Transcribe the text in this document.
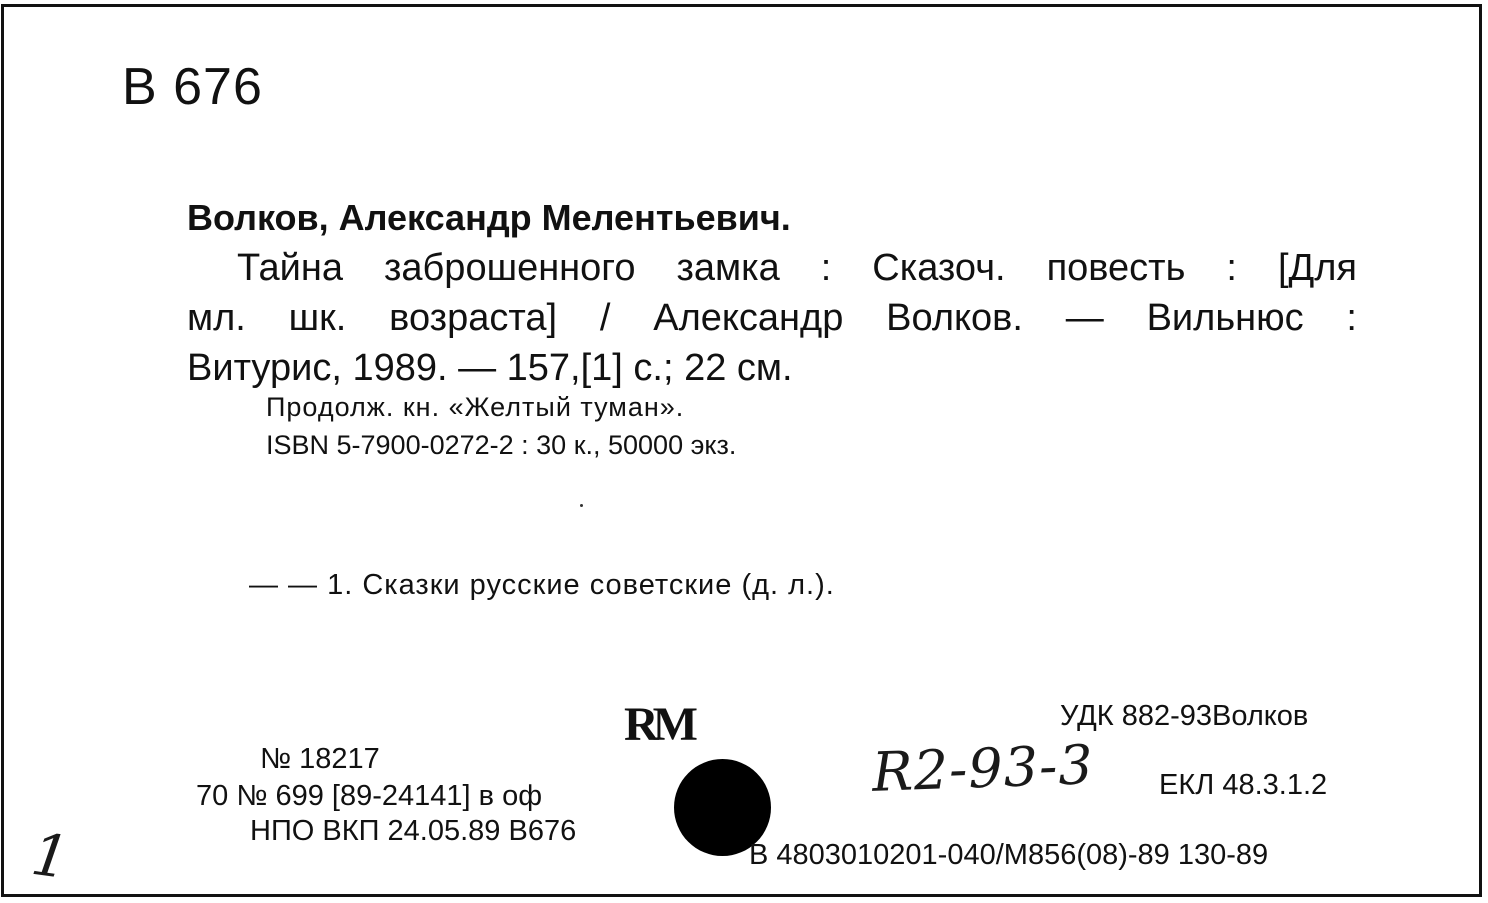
В 676
Волков, Александр Мелентьевич.
Тайна заброшенного замка : Сказоч. повесть : [Для
мл. шк. возраста] / Александр Волков. — Вильнюс :
Витурис, 1989. — 157,[1] с.; 22 см.
Продолж. кн. «Желтый туман».
ISBN 5-7900-0272-2 : 30 к., 50000 экз.
— — 1. Сказки русские советские (д. л.).
RM	УДК 882-93Волков
ЕКЛ 48.3.1.2
В 4803010201-040/М856(08)-89 130-89
№ 18217
70 № 699 [89-24141] в оф
НПО ВКП 24.05.89 В676
R2-93-3
1
